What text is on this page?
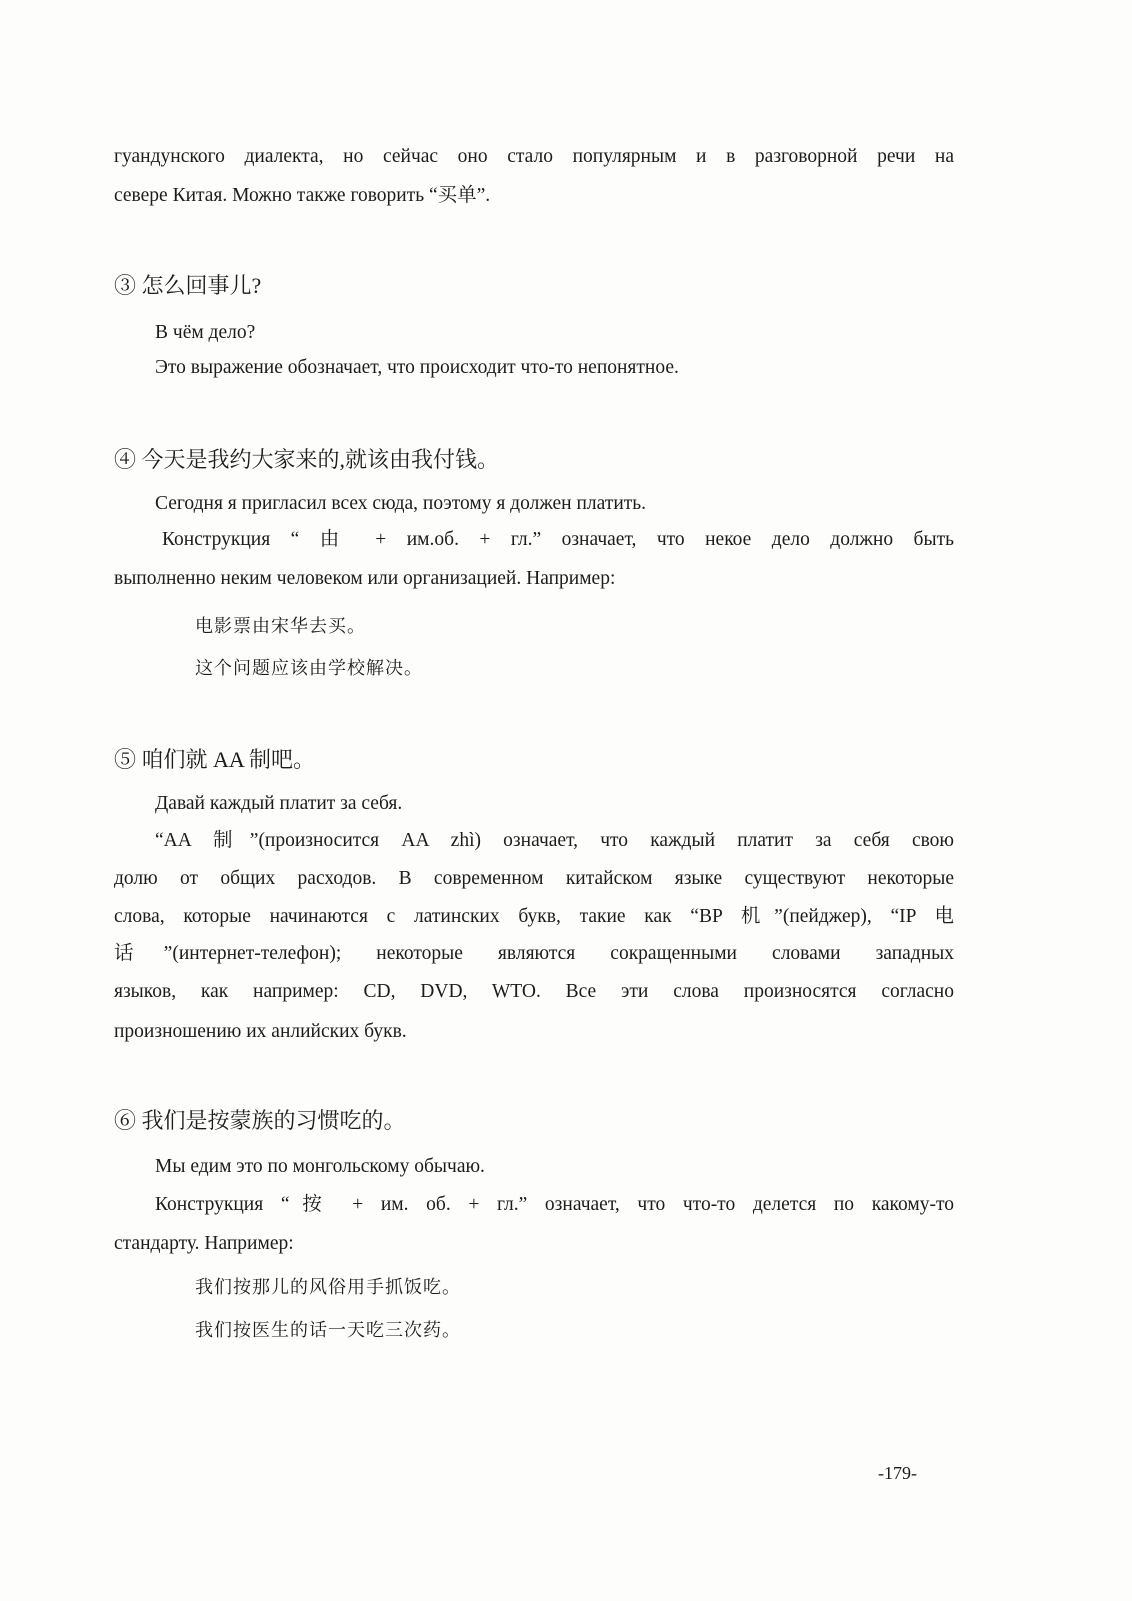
гуандунского диалекта, но сейчас оно стало популярным и в разговорной речи на
севере Китая. Можно также говорить “买单”.
③ 怎么回事儿?
В чём дело?
Это выражение обозначает, что происходит что-то непонятное.
④ 今天是我约大家来的,就该由我付钱。
Сегодня я пригласил всех сюда, поэтому я должен платить.
Конструкция “ 由 + им.об. + гл.” означает, что некое дело должно быть
выполненно неким человеком или организацией. Например:
电影票由宋华去买。
这个问题应该由学校解决。
⑤ 咱们就 AA 制吧。
Давай каждый платит за себя.
“AA 制”(произносится AA zhì) означает, что каждый платит за себя свою
долю от общих расходов. В современном китайском языке существуют некоторые
слова, которые начинаются с латинских букв, такие как “BP 机”(пейджер), “IP 电
话”(интернет-телефон); некоторые являются сокращенными словами западных
языков, как например: CD, DVD, WTO. Все эти слова произносятся согласно
произношению их анлийских букв.
⑥ 我们是按蒙族的习惯吃的。
Мы едим это по монгольскому обычаю.
Конструкция “按 + им. об. + гл.” означает, что что-то делется по какому-то
стандарту. Например:
我们按那儿的风俗用手抓饭吃。
我们按医生的话一天吃三次药。
-179-
